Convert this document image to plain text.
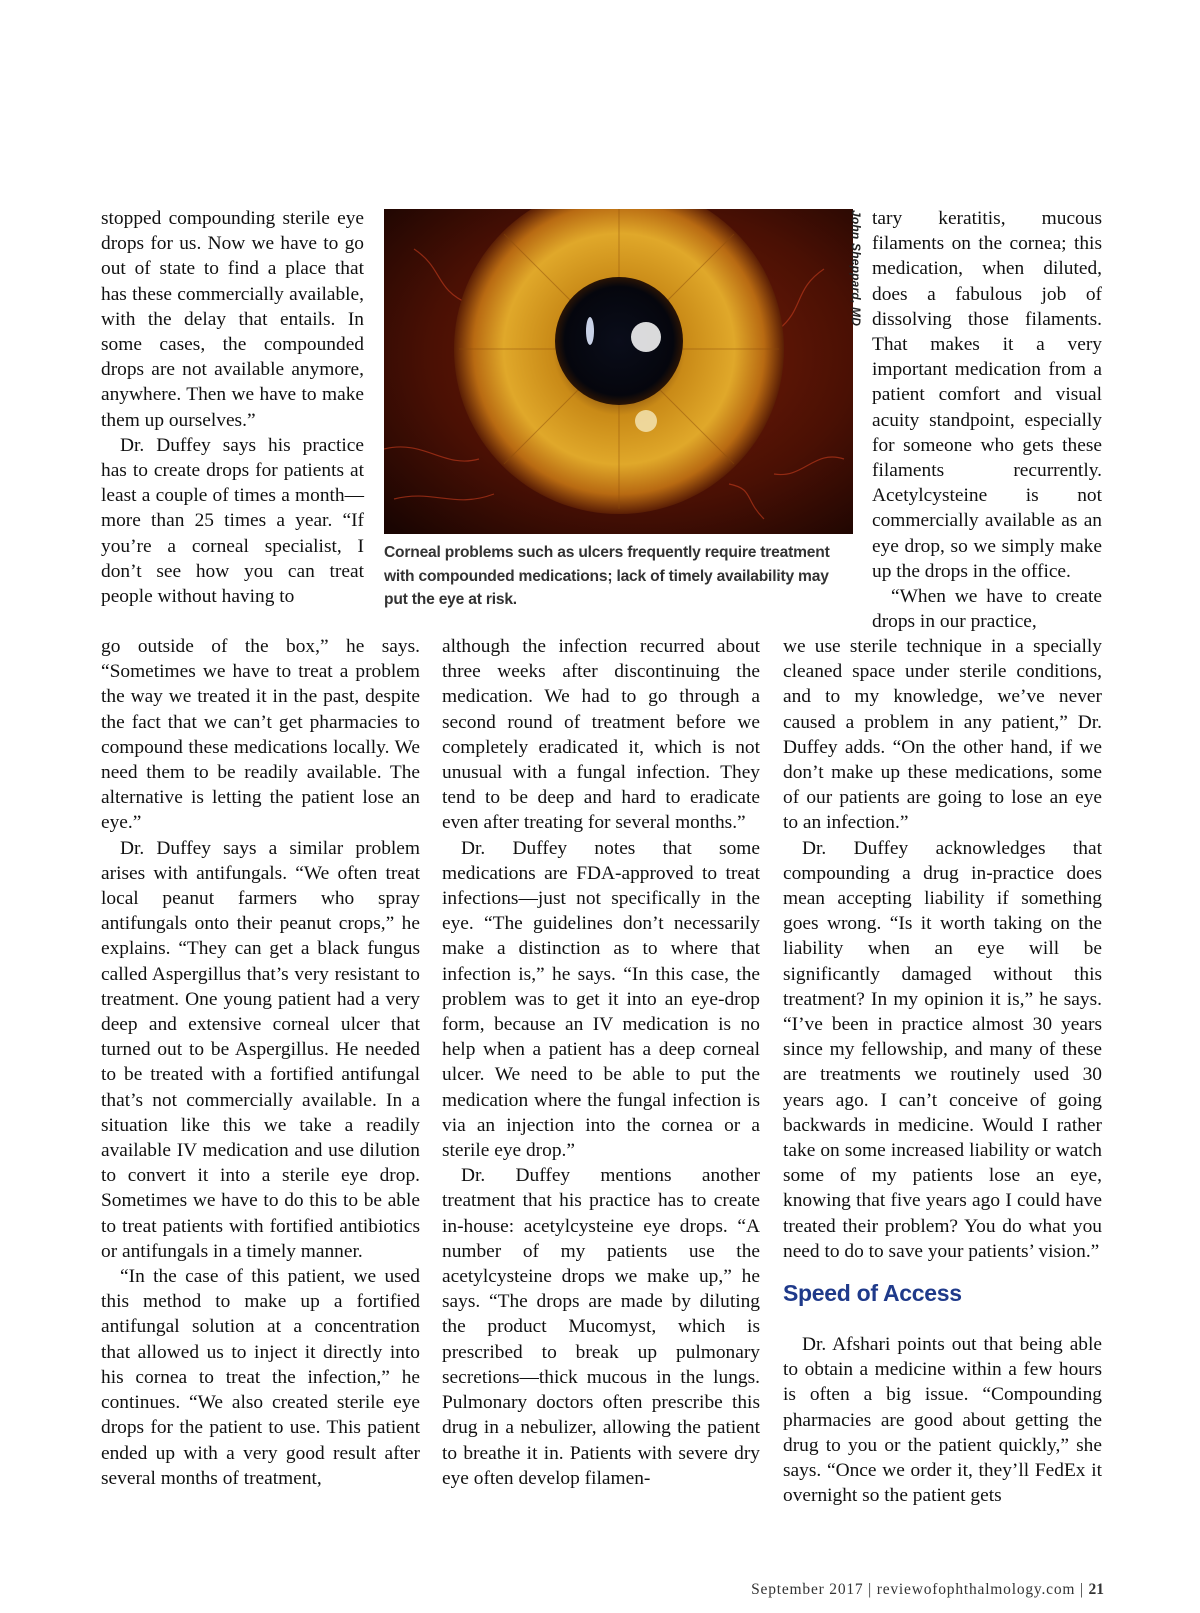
stopped compounding sterile eye drops for us. Now we have to go out of state to find a place that has these commercially available, with the delay that entails. In some cases, the compounded drops are not available anymore, anywhere. Then we have to make them up ourselves.”

Dr. Duffey says his practice has to create drops for patients at least a couple of times a month—more than 25 times a year. “If you’re a corneal specialist, I don’t see how you can treat people without having to

go outside of the box,” he says. “Sometimes we have to treat a problem the way we treated it in the past, despite the fact that we can’t get pharmacies to compound these medications locally. We need them to be readily available. The alternative is letting the patient lose an eye.”

Dr. Duffey says a similar problem arises with antifungals. “We often treat local peanut farmers who spray antifungals onto their peanut crops,” he explains. “They can get a black fungus called Aspergillus that’s very resistant to treatment. One young patient had a very deep and extensive corneal ulcer that turned out to be Aspergillus. He needed to be treated with a fortified antifungal that’s not commercially available. In a situation like this we take a readily available IV medication and use dilution to convert it into a sterile eye drop. Sometimes we have to do this to be able to treat patients with fortified antibiotics or antifungals in a timely manner.

“In the case of this patient, we used this method to make up a fortified antifungal solution at a concentration that allowed us to inject it directly into his cornea to treat the infection,” he continues. “We also created sterile eye drops for the patient to use. This patient ended up with a very good result after several months of treatment,

John Sheppard, MD
Corneal problems such as ulcers frequently require treatment with compounded medications; lack of timely availability may put the eye at risk.

although the infection recurred about three weeks after discontinuing the medication. We had to go through a second round of treatment before we completely eradicated it, which is not unusual with a fungal infection. They tend to be deep and hard to eradicate even after treating for several months.”

Dr. Duffey notes that some medications are FDA-approved to treat infections—just not specifically in the eye. “The guidelines don’t necessarily make a distinction as to where that infection is,” he says. “In this case, the problem was to get it into an eye-drop form, because an IV medication is no help when a patient has a deep corneal ulcer. We need to be able to put the medication where the fungal infection is via an injection into the cornea or a sterile eye drop.”

Dr. Duffey mentions another treatment that his practice has to create in-house: acetylcysteine eye drops. “A number of my patients use the acetylcysteine drops we make up,” he says. “The drops are made by diluting the product Mucomyst, which is prescribed to break up pulmonary secretions—thick mucous in the lungs. Pulmonary doctors often prescribe this drug in a nebulizer, allowing the patient to breathe it in. Patients with severe dry eye often develop filamen-

tary keratitis, mucous filaments on the cornea; this medication, when diluted, does a fabulous job of dissolving those filaments. That makes it a very important medication from a patient comfort and visual acuity standpoint, especially for someone who gets these filaments recurrently. Acetylcysteine is not commercially available as an eye drop, so we simply make up the drops in the office.

“When we have to create drops in our practice,

we use sterile technique in a specially cleaned space under sterile conditions, and to my knowledge, we’ve never caused a problem in any patient,” Dr. Duffey adds. “On the other hand, if we don’t make up these medications, some of our patients are going to lose an eye to an infection.”

Dr. Duffey acknowledges that compounding a drug in-practice does mean accepting liability if something goes wrong. “Is it worth taking on the liability when an eye will be significantly damaged without this treatment? In my opinion it is,” he says. “I’ve been in practice almost 30 years since my fellowship, and many of these are treatments we routinely used 30 years ago. I can’t conceive of going backwards in medicine. Would I rather take on some increased liability or watch some of my patients lose an eye, knowing that five years ago I could have treated their problem? You do what you need to do to save your patients’ vision.”

Speed of Access

Dr. Afshari points out that being able to obtain a medicine within a few hours is often a big issue. “Compounding pharmacies are good about getting the drug to you or the patient quickly,” she says. “Once we order it, they’ll FedEx it overnight so the patient gets

September 2017 | reviewofophthalmology.com | 21
